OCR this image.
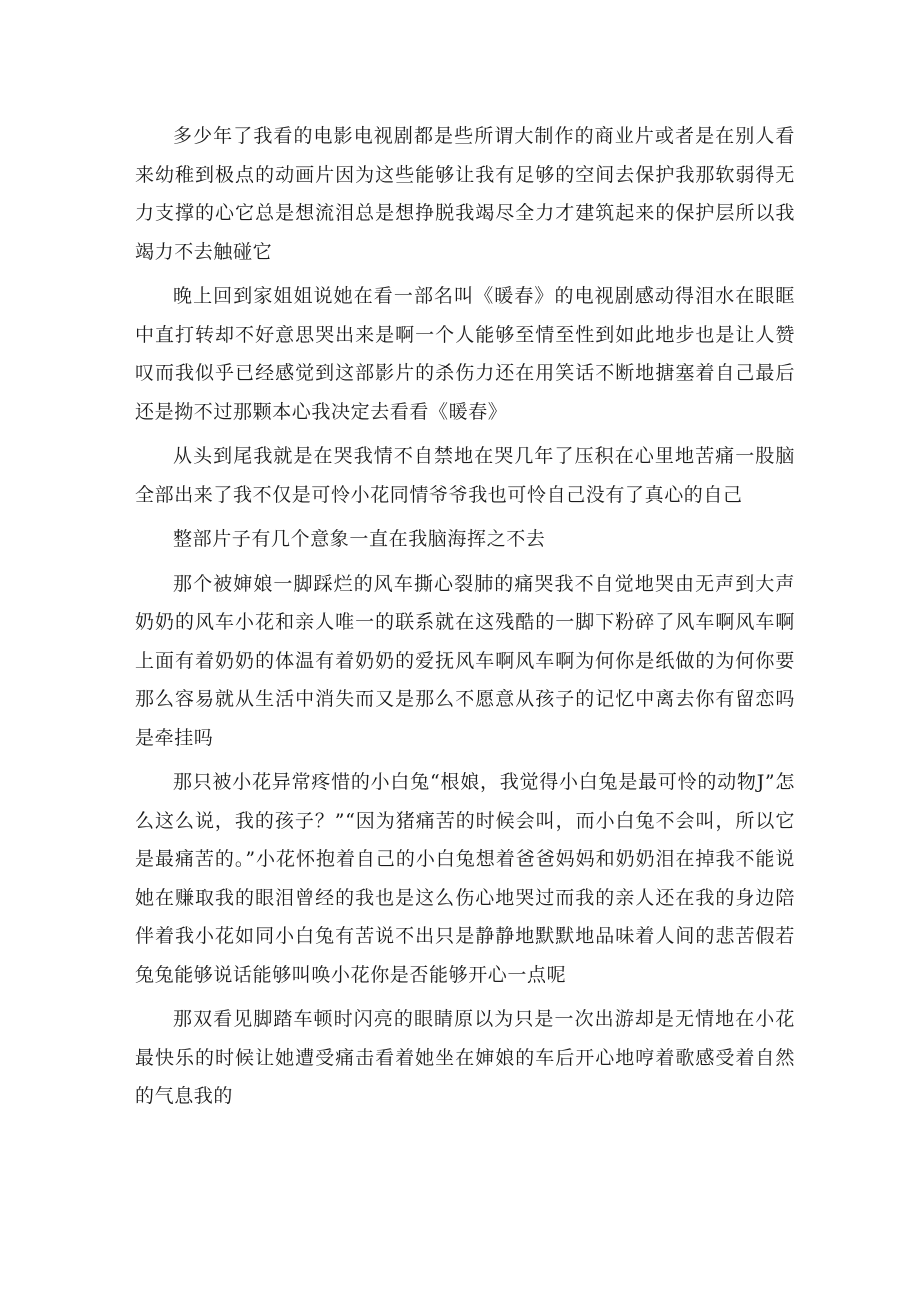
多少年了我看的电影电视剧都是些所谓大制作的商业片或者是在别人看来幼稚到极点的动画片因为这些能够让我有足够的空间去保护我那软弱得无力支撑的心它总是想流泪总是想挣脱我竭尽全力才建筑起来的保护层所以我竭力不去触碰它

晚上回到家姐姐说她在看一部名叫《暖春》的电视剧感动得泪水在眼眶中直打转却不好意思哭出来是啊一个人能够至情至性到如此地步也是让人赞叹而我似乎已经感觉到这部影片的杀伤力还在用笑话不断地搪塞着自己最后还是拗不过那颗本心我决定去看看《暖春》

从头到尾我就是在哭我情不自禁地在哭几年了压积在心里地苦痛一股脑全部出来了我不仅是可怜小花同情爷爷我也可怜自己没有了真心的自己

整部片子有几个意象一直在我脑海挥之不去

那个被婶娘一脚踩烂的风车撕心裂肺的痛哭我不自觉地哭由无声到大声奶奶的风车小花和亲人唯一的联系就在这残酷的一脚下粉碎了风车啊风车啊上面有着奶奶的体温有着奶奶的爱抚风车啊风车啊为何你是纸做的为何你要那么容易就从生活中消失而又是那么不愿意从孩子的记忆中离去你有留恋吗是牵挂吗

那只被小花异常疼惜的小白兔“根娘，我觉得小白兔是最可怜的动物J”怎么这么说，我的孩子？”“因为猪痛苦的时候会叫，而小白兔不会叫，所以它是最痛苦的。”小花怀抱着自己的小白兔想着爸爸妈妈和奶奶泪在掉我不能说她在赚取我的眼泪曾经的我也是这么伤心地哭过而我的亲人还在我的身边陪伴着我小花如同小白兔有苦说不出只是静静地默默地品味着人间的悲苦假若兔兔能够说话能够叫唤小花你是否能够开心一点呢

那双看见脚踏车顿时闪亮的眼睛原以为只是一次出游却是无情地在小花最快乐的时候让她遭受痛击看着她坐在婶娘的车后开心地哼着歌感受着自然的气息我的
